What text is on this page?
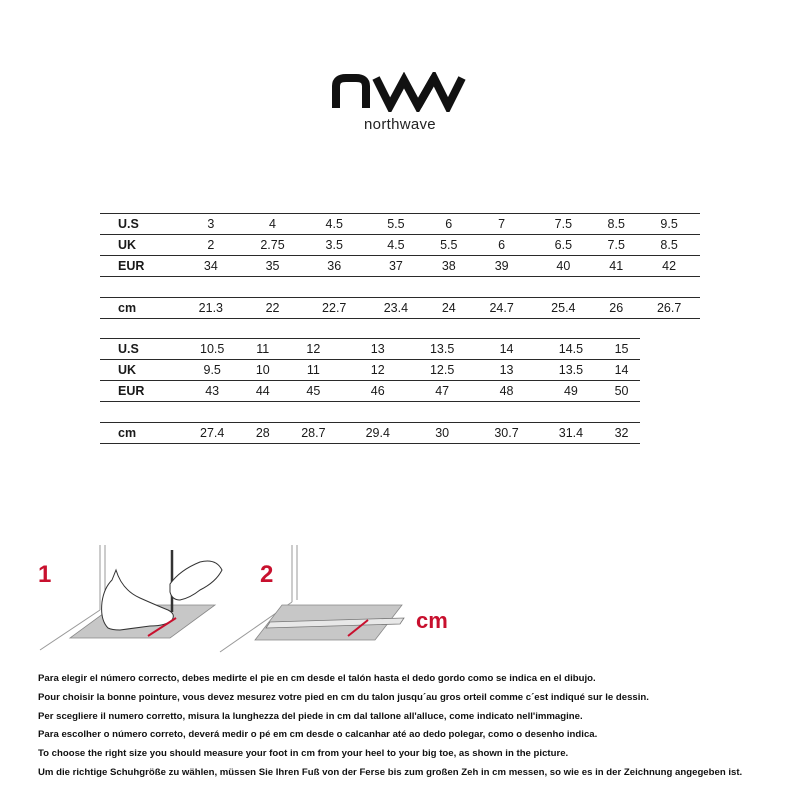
northwave
U.S	3	4	4.5	5.5	6	7	7.5	8.5	9.5
UK	2	2.75	3.5	4.5	5.5	6	6.5	7.5	8.5
EUR	34	35	36	37	38	39	40	41	42

cm	21.3	22	22.7	23.4	24	24.7	25.4	26	26.7
U.S	10.5	11	12	13	13.5	14	14.5	15
UK	9.5	10	11	12	12.5	13	13.5	14
EUR	43	44	45	46	47	48	49	50

cm	27.4	28	28.7	29.4	30	30.7	31.4	32
1	2
cm
Para elegir el número correcto, debes medirte el pie en cm desde el talón hasta el dedo gordo como se indica en el dibujo.
Pour choisir la bonne pointure, vous devez mesurez votre pied en cm du talon jusqu´au gros orteil comme c´est indiqué sur le dessin.
Per scegliere il numero corretto, misura la lunghezza del piede in cm dal tallone all'alluce, come indicato nell'immagine.
Para escolher o número correto, deverá medir o pé em cm desde o calcanhar até ao dedo polegar, como o desenho indica.
To choose the right size you should measure your foot in cm from your heel to your big toe, as shown in the picture.
Um die richtige Schuhgröße zu wählen, müssen Sie Ihren Fuß von der Ferse bis zum großen Zeh in cm messen, so wie es in der Zeichnung angegeben ist.
